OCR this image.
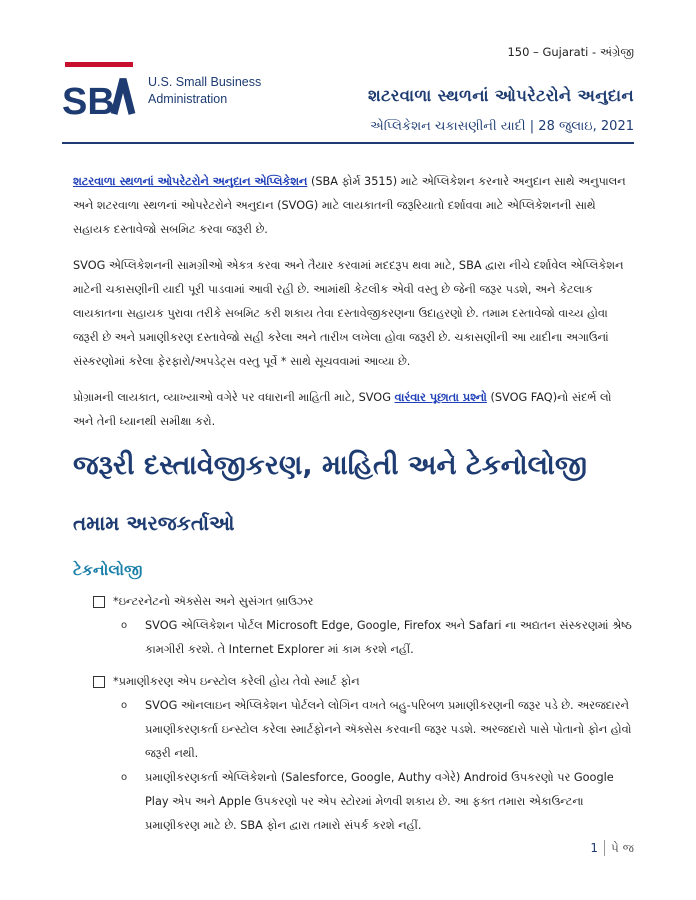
150 – Gujarati - અંગ્રેજી
SB	U.S. Small Business
Administration	શટરવાળા સ્થળનાં ઓપરેટરોને અનુદાન
એપ્લિકેશન ચકાસણીની યાદી | 28 જુલાઇ, 2021

શટરવાળા સ્થળનાં ઓપરેટરોને અનુદાન એપ્લિકેશન (SBA ફોર્મ 3515) માટે એપ્લિકેશન કરનારે અનુદાન સાથે અનુપાલન અને શટરવાળા સ્થળનાં ઓપરેટરોને અનુદાન (SVOG) માટે લાયકાતની જરૂરિયાતો દર્શાવવા માટે એપ્લિકેશનની સાથે સહાયક દસ્તાવેજો સબમિટ કરવા જરૂરી છે.

SVOG એપ્લિકેશનની સામગ્રીઓ એકત્ર કરવા અને તૈયાર કરવામાં મદદરૂપ થવા માટે, SBA દ્વારા નીચે દર્શાવેલ એપ્લિકેશન માટેની ચકાસણીની યાદી પૂરી પાડવામાં આવી રહી છે. આમાંથી કેટલીક એવી વસ્તુ છે જેની જરૂર પડશે, અને કેટલાક લાયકાતના સહાયક પુરાવા તરીકે સબમિટ કરી શકાય તેવા દસ્તાવેજીકરણના ઉદાહરણો છે. તમામ દસ્તાવેજો વાચ્ય હોવા જરૂરી છે અને પ્રમાણીકરણ દસ્તાવેજો સહી કરેલા અને તારીખ લખેલા હોવા જરૂરી છે. ચકાસણીની આ યાદીના અગાઉનાં સંસ્કરણોમાં કરેલા ફેરફારો/અપડેટ્સ વસ્તુ પૂર્વે * સાથે સૂચવવામાં આવ્યા છે.

પ્રોગ્રામની લાયકાત, વ્યાખ્યાઓ વગેરે પર વધારાની માહિતી માટે, SVOG વારંવાર પૂછાતા પ્રશ્નો (SVOG FAQ)નો સંદર્ભ લો અને તેની ધ્યાનથી સમીક્ષા કરો.

જરૂરી દસ્તાવેજીકરણ, માહિતી અને ટેકનોલોજી
તમામ અરજકર્તાઓ
ટેકનોલોજી
*ઇન્ટરનેટનો ઍક્સેસ અને સુસંગત બ્રાઉઝર
o	SVOG એપ્લિકેશન પોર્ટલ Microsoft Edge, Google, Firefox અને Safari ના અદ્યતન સંસ્કરણમાં શ્રેષ્ઠ કામગીરી કરશે. તે Internet Explorer માં કામ કરશે નહીં.
*પ્રમાણીકરણ એપ ઇન્સ્ટોલ કરેલી હોય તેવો સ્માર્ટ ફોન
o	SVOG ઑનલાઇન એપ્લિકેશન પોર્ટલને લોગિન વખતે બહુ-પરિબળ પ્રમાણીકરણની જરૂર પડે છે. અરજદારને પ્રમાણીકરણકર્તા ઇન્સ્ટોલ કરેલા સ્માર્ટફોનને ઍક્સેસ કરવાની જરૂર પડશે. અરજદારો પાસે પોતાનો ફોન હોવો જરૂરી નથી.
o	પ્રમાણીકરણકર્તા એપ્લિકેશનો (Salesforce, Google, Authy વગેરે) Android ઉપકરણો પર Google Play એપ અને Apple ઉપકરણો પર એપ સ્ટોરમાં મેળવી શકાય છે. આ ફક્ત તમારા એકાઉન્ટના પ્રમાણીકરણ માટે છે. SBA ફોન દ્વારા તમારો સંપર્ક કરશે નહીં.
1 પે જ
